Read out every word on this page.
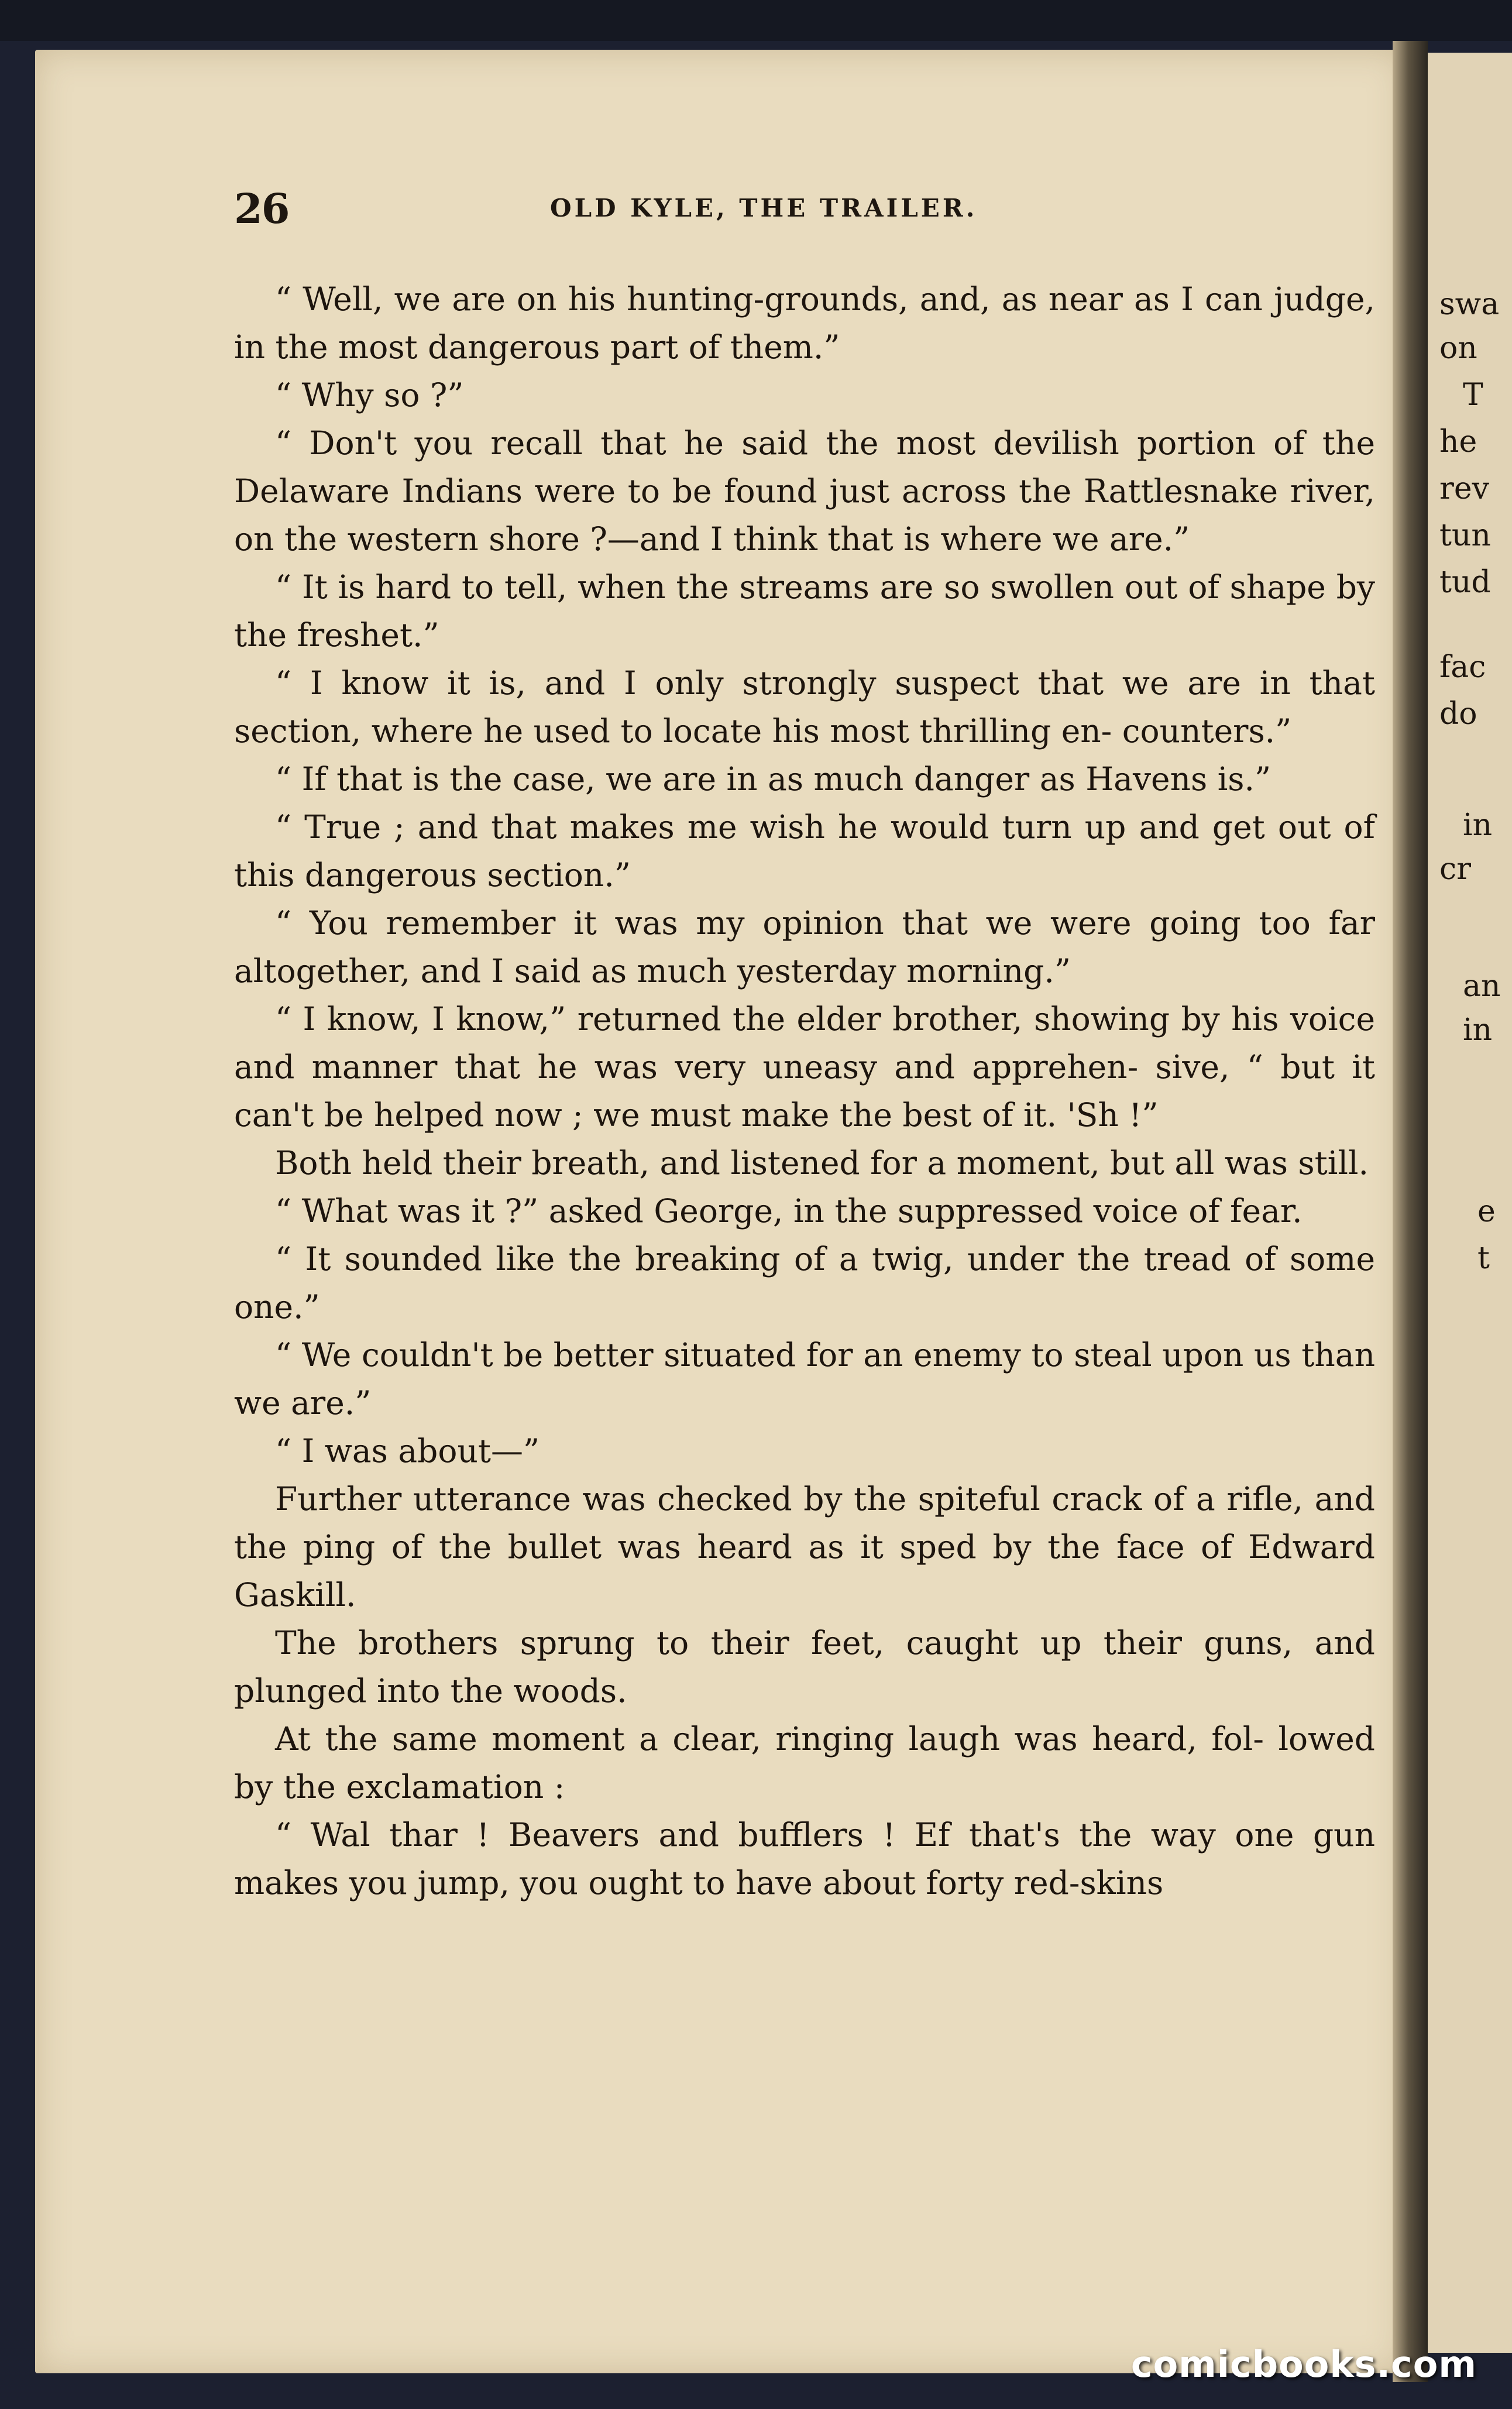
26	OLD KYLE, THE TRAILER.

“ Well, we are on his hunting-grounds, and, as near as I can judge, in the most dangerous part of them.”

“ Why so ?”

“ Don't you recall that he said the most devilish portion of the Delaware Indians were to be found just across the Rattlesnake river, on the western shore ?—and I think that is where we are.”

“ It is hard to tell, when the streams are so swollen out of shape by the freshet.”

“ I know it is, and I only strongly suspect that we are in that section, where he used to locate his most thrilling en- counters.”

“ If that is the case, we are in as much danger as Havens is.”

“ True ; and that makes me wish he would turn up and get out of this dangerous section.”

“ You remember it was my opinion that we were going too far altogether, and I said as much yesterday morning.”

“ I know, I know,” returned the elder brother, showing by his voice and manner that he was very uneasy and apprehen- sive, “ but it can't be helped now ; we must make the best of it. 'Sh !”

Both held their breath, and listened for a moment, but all was still.

“ What was it ?” asked George, in the suppressed voice of fear.

“ It sounded like the breaking of a twig, under the tread of some one.”

“ We couldn't be better situated for an enemy to steal upon us than we are.”

“ I was about—”

Further utterance was checked by the spiteful crack of a rifle, and the ping of the bullet was heard as it sped by the face of Edward Gaskill.

The brothers sprung to their feet, caught up their guns, and plunged into the woods.

At the same moment a clear, ringing laugh was heard, fol- lowed by the exclamation :

“ Wal thar ! Beavers and bufflers ! Ef that's the way one gun makes you jump, you ought to have about forty red-skins

swa
on
T
he
rev
tun
tud
fac
do
in
cr
an
in
e
t
comicbooks.com
